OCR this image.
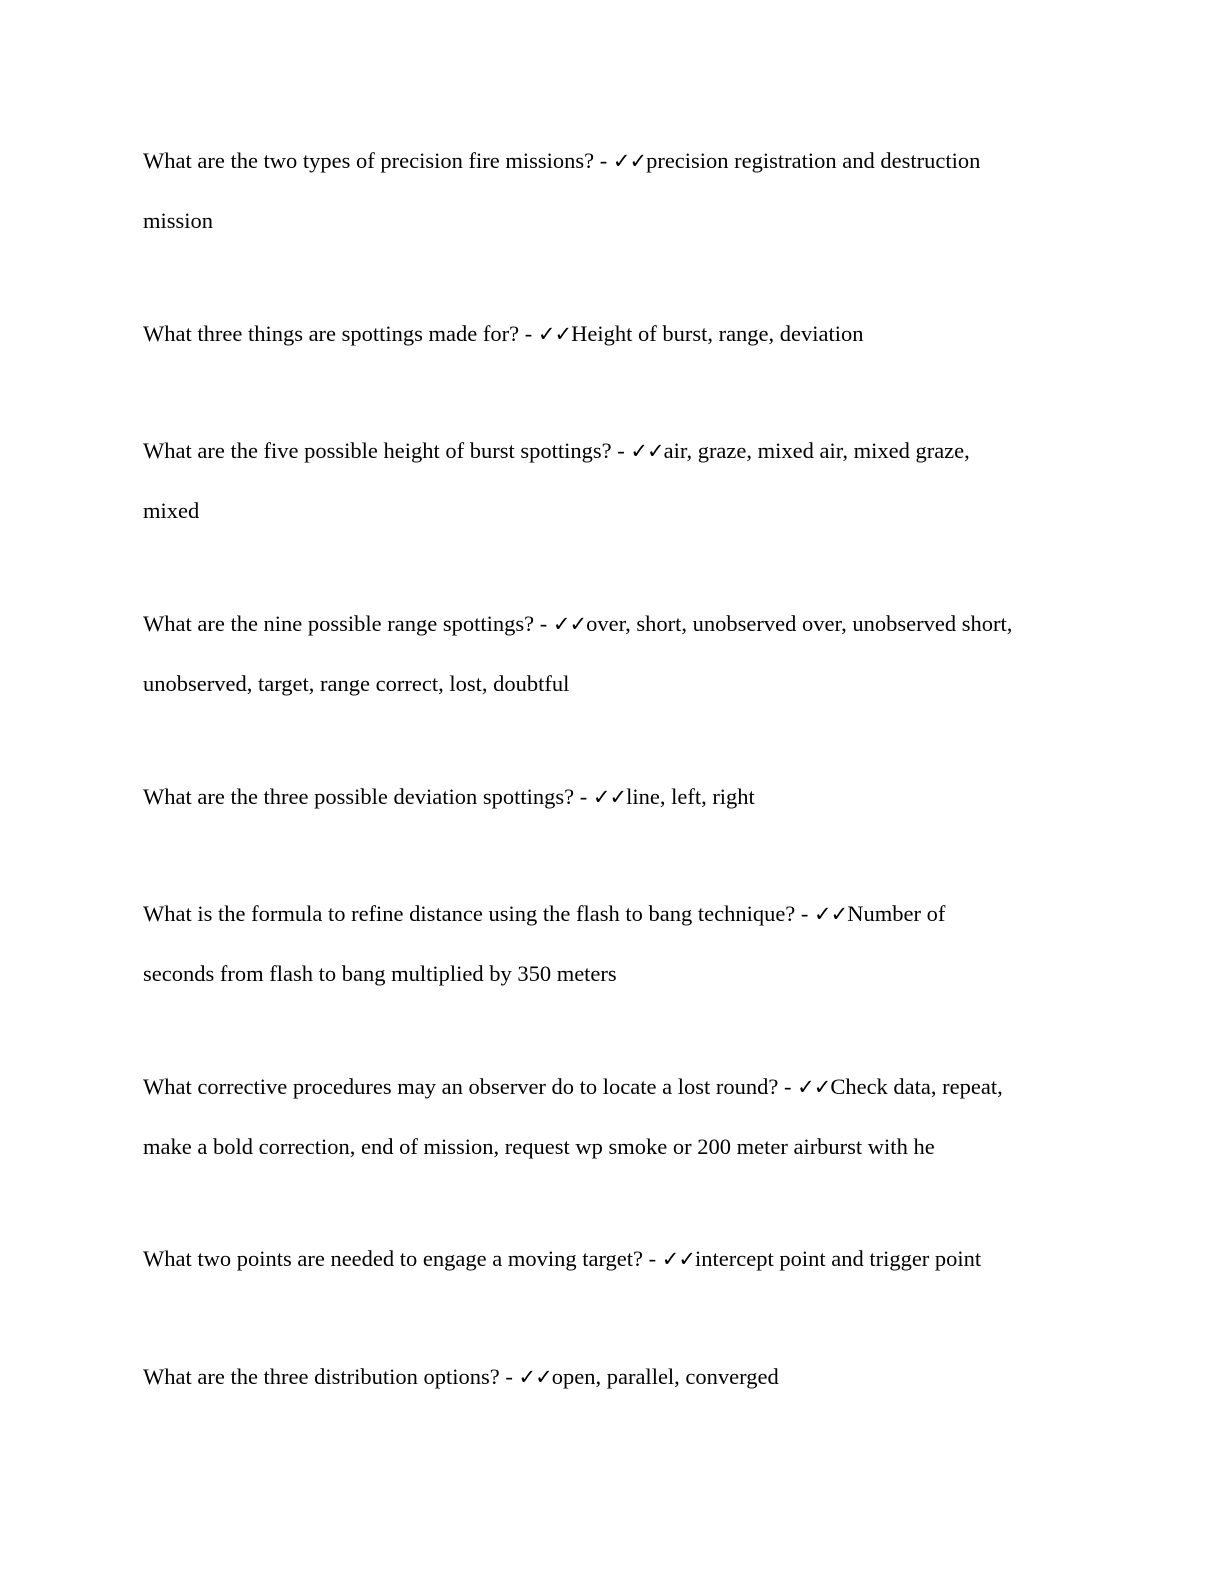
What are the two types of precision fire missions? - ✓✓precision registration and destruction
mission

What three things are spottings made for? - ✓✓Height of burst, range, deviation

What are the five possible height of burst spottings? - ✓✓air, graze, mixed air, mixed graze,
mixed

What are the nine possible range spottings? - ✓✓over, short, unobserved over, unobserved short,
unobserved, target, range correct, lost, doubtful

What are the three possible deviation spottings? - ✓✓line, left, right

What is the formula to refine distance using the flash to bang technique? - ✓✓Number of
seconds from flash to bang multiplied by 350 meters

What corrective procedures may an observer do to locate a lost round? - ✓✓Check data, repeat,
make a bold correction, end of mission, request wp smoke or 200 meter airburst with he

What two points are needed to engage a moving target? - ✓✓intercept point and trigger point

What are the three distribution options? - ✓✓open, parallel, converged
